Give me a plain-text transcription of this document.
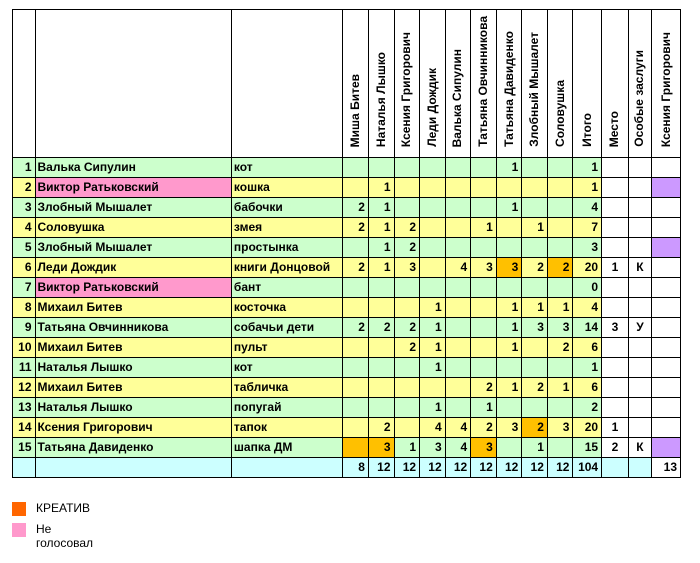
			Миша Битев	Наталья Лышко	Ксения Григорович	Леди Дождик	Валька Сипулин	Татьяна Овчинникова	Татьяна Давиденко	Злобный Мышалет	Соловушка	Итого	Место	Особые заслуги	Ксения Григорович
1	Валька Сипулин	кот							1			1			
2	Виктор Ратьковский	кошка		1								1			
3	Злобный Мышалет	бабочки	2	1					1			4			
4	Соловушка	змея	2	1	2			1		1		7			
5	Злобный Мышалет	простынка		1	2							3			
6	Леди Дождик	книги Донцовой	2	1	3		4	3	3	2	2	20	1	К	
7	Виктор Ратьковский	бант										0			
8	Михаил Битев	косточка				1			1	1	1	4			
9	Татьяна Овчинникова	собачьи дети	2	2	2	1			1	3	3	14	3	У	
10	Михаил Битев	пульт			2	1			1		2	6			
11	Наталья Лышко	кот				1						1			
12	Михаил Битев	табличка						2	1	2	1	6			
13	Наталья Лышко	попугай				1		1				2			
14	Ксения Григорович	тапок		2		4	4	2	3	2	3	20	1		
15	Татьяна Давиденко	шапка ДМ		3	1	3	4	3		1		15	2	К	
			8	12	12	12	12	12	12	12	12	104			13
КРЕАТИВ
Не голосовал
